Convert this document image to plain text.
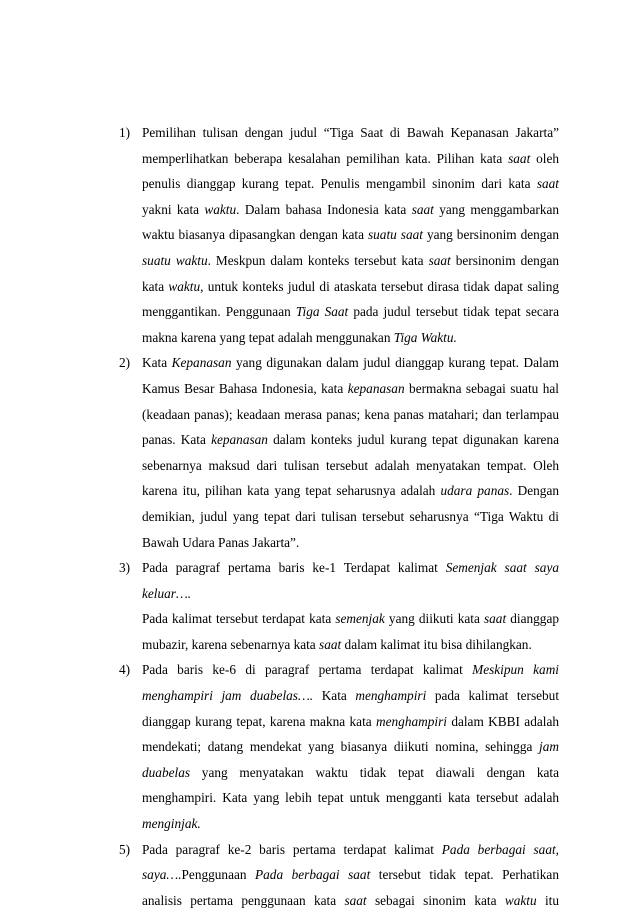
1) Pemilihan tulisan dengan judul “Tiga Saat di Bawah Kepanasan Jakarta”
memperlihatkan beberapa kesalahan pemilihan kata. Pilihan kata saat oleh
penulis dianggap kurang tepat. Penulis mengambil sinonim dari kata saat
yakni kata waktu. Dalam bahasa Indonesia kata saat yang menggambarkan
waktu biasanya dipasangkan dengan kata suatu saat yang bersinonim dengan
suatu waktu. Meskpun dalam konteks tersebut kata saat bersinonim dengan
kata waktu, untuk konteks judul di ataskata tersebut dirasa tidak dapat saling
menggantikan. Penggunaan Tiga Saat pada judul tersebut tidak tepat secara
makna karena yang tepat adalah menggunakan Tiga Waktu.
2) Kata Kepanasan yang digunakan dalam judul dianggap kurang tepat. Dalam
Kamus Besar Bahasa Indonesia, kata kepanasan bermakna sebagai suatu hal
(keadaan panas); keadaan merasa panas; kena panas matahari; dan terlampau
panas. Kata kepanasan dalam konteks judul kurang tepat digunakan karena
sebenarnya maksud dari tulisan tersebut adalah menyatakan tempat. Oleh
karena itu, pilihan kata yang tepat seharusnya adalah udara panas. Dengan
demikian, judul yang tepat dari tulisan tersebut seharusnya “Tiga Waktu di
Bawah Udara Panas Jakarta”.
3) Pada paragraf pertama baris ke-1 Terdapat kalimat Semenjak saat saya
keluar….
Pada kalimat tersebut terdapat kata semenjak yang diikuti kata saat dianggap
mubazir, karena sebenarnya kata saat dalam kalimat itu bisa dihilangkan.
4) Pada baris ke-6 di paragraf pertama terdapat kalimat Meskipun kami
menghampiri jam duabelas…. Kata menghampiri pada kalimat tersebut
dianggap kurang tepat, karena makna kata menghampiri dalam KBBI adalah
mendekati; datang mendekat yang biasanya diikuti nomina, sehingga jam
duabelas yang menyatakan waktu tidak tepat diawali dengan kata
menghampiri. Kata yang lebih tepat untuk mengganti kata tersebut adalah
menginjak.
5) Pada paragraf ke-2 baris pertama terdapat kalimat Pada berbagai saat,
saya….Penggunaan Pada berbagai saat tersebut tidak tepat. Perhatikan
analisis pertama penggunaan kata saat sebagai sinonim kata waktu itu
